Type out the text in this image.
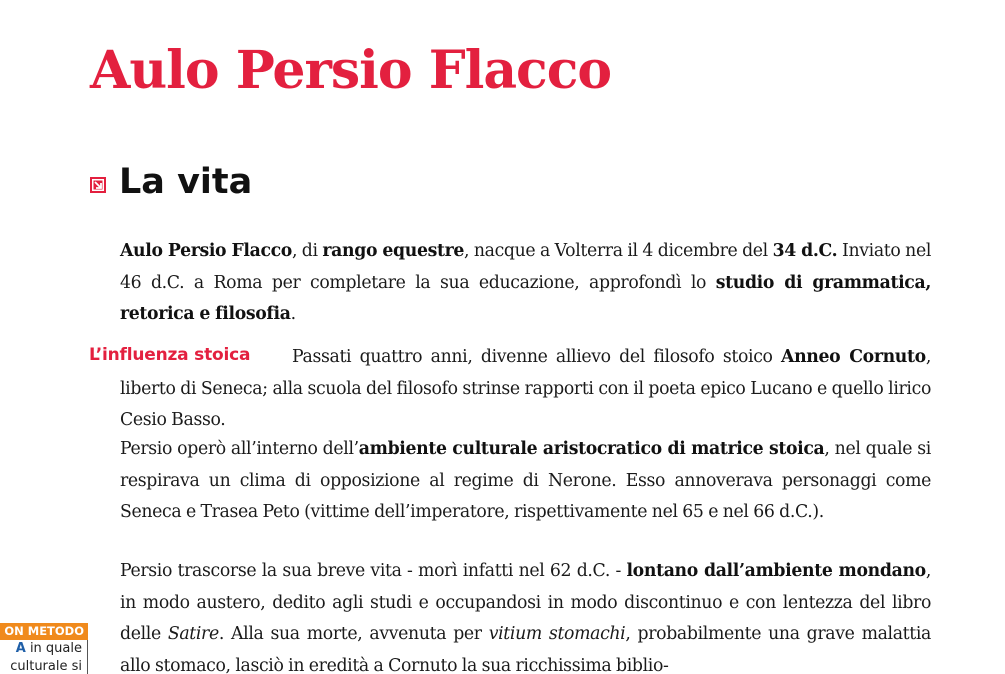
Aulo Persio Flacco
La vita

Aulo Persio Flacco, di rango equestre, nacque a Volterra il 4 dicembre del 34 d.C. Inviato nel 46 d.C. a Roma per completare la sua educazione, approfondì lo studio di grammatica, retorica e filosofia.

L’influenza stoica	Passati quattro anni, divenne allievo del filosofo stoico Anneo Cornuto, liberto di Seneca; alla scuola del filosofo strinse rapporti con il poeta epico Lucano e quello lirico Cesio Basso.

Persio operò all’interno dell’ambiente culturale aristocratico di matrice stoica, nel quale si respirava un clima di opposizione al regime di Nerone. Esso annoverava personaggi come Seneca e Trasea Peto (vittime dell’imperatore, rispettivamente nel 65 e nel 66 d.C.).

Persio trascorse la sua breve vita - morì infatti nel 62 d.C. - lontano dall’ambiente mondano, in modo austero, dedito agli studi e occupandosi in modo discontinuo e con lentezza del libro delle Satire. Alla sua morte, avvenuta per vitium stomachi, probabilmente una grave malattia allo stomaco, lasciò in eredità a Cornuto la sua ricchissima biblio-

ON METODO
A in quale
culturale si
